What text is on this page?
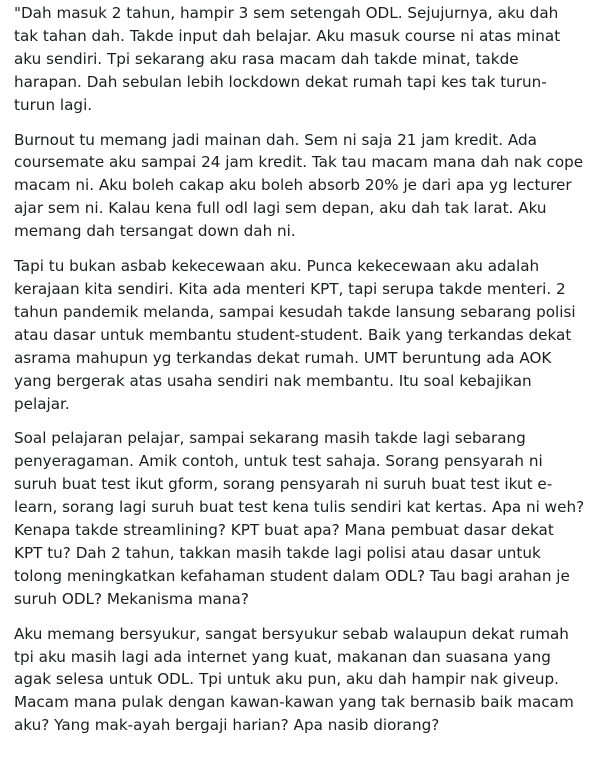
"Dah masuk 2 tahun, hampir 3 sem setengah ODL. Sejujurnya, aku dah tak tahan dah. Takde input dah belajar. Aku masuk course ni atas minat aku sendiri. Tpi sekarang aku rasa macam dah takde minat, takde harapan. Dah sebulan lebih lockdown dekat rumah tapi kes tak turun-turun lagi.

Burnout tu memang jadi mainan dah. Sem ni saja 21 jam kredit. Ada coursemate aku sampai 24 jam kredit. Tak tau macam mana dah nak cope macam ni. Aku boleh cakap aku boleh absorb 20% je dari apa yg lecturer ajar sem ni. Kalau kena full odl lagi sem depan, aku dah tak larat. Aku memang dah tersangat down dah ni.

Tapi tu bukan asbab kekecewaan aku. Punca kekecewaan aku adalah kerajaan kita sendiri. Kita ada menteri KPT, tapi serupa takde menteri. 2 tahun pandemik melanda, sampai kesudah takde lansung sebarang polisi atau dasar untuk membantu student-student. Baik yang terkandas dekat asrama mahupun yg terkandas dekat rumah. UMT beruntung ada AOK yang bergerak atas usaha sendiri nak membantu. Itu soal kebajikan pelajar.

Soal pelajaran pelajar, sampai sekarang masih takde lagi sebarang penyeragaman. Amik contoh, untuk test sahaja. Sorang pensyarah ni suruh buat test ikut gform, sorang pensyarah ni suruh buat test ikut e-learn, sorang lagi suruh buat test kena tulis sendiri kat kertas. Apa ni weh? Kenapa takde streamlining? KPT buat apa? Mana pembuat dasar dekat KPT tu? Dah 2 tahun, takkan masih takde lagi polisi atau dasar untuk tolong meningkatkan kefahaman student dalam ODL? Tau bagi arahan je suruh ODL? Mekanisma mana?

Aku memang bersyukur, sangat bersyukur sebab walaupun dekat rumah tpi aku masih lagi ada internet yang kuat, makanan dan suasana yang agak selesa untuk ODL. Tpi untuk aku pun, aku dah hampir nak giveup. Macam mana pulak dengan kawan-kawan yang tak bernasib baik macam aku? Yang mak-ayah bergaji harian? Apa nasib diorang?
